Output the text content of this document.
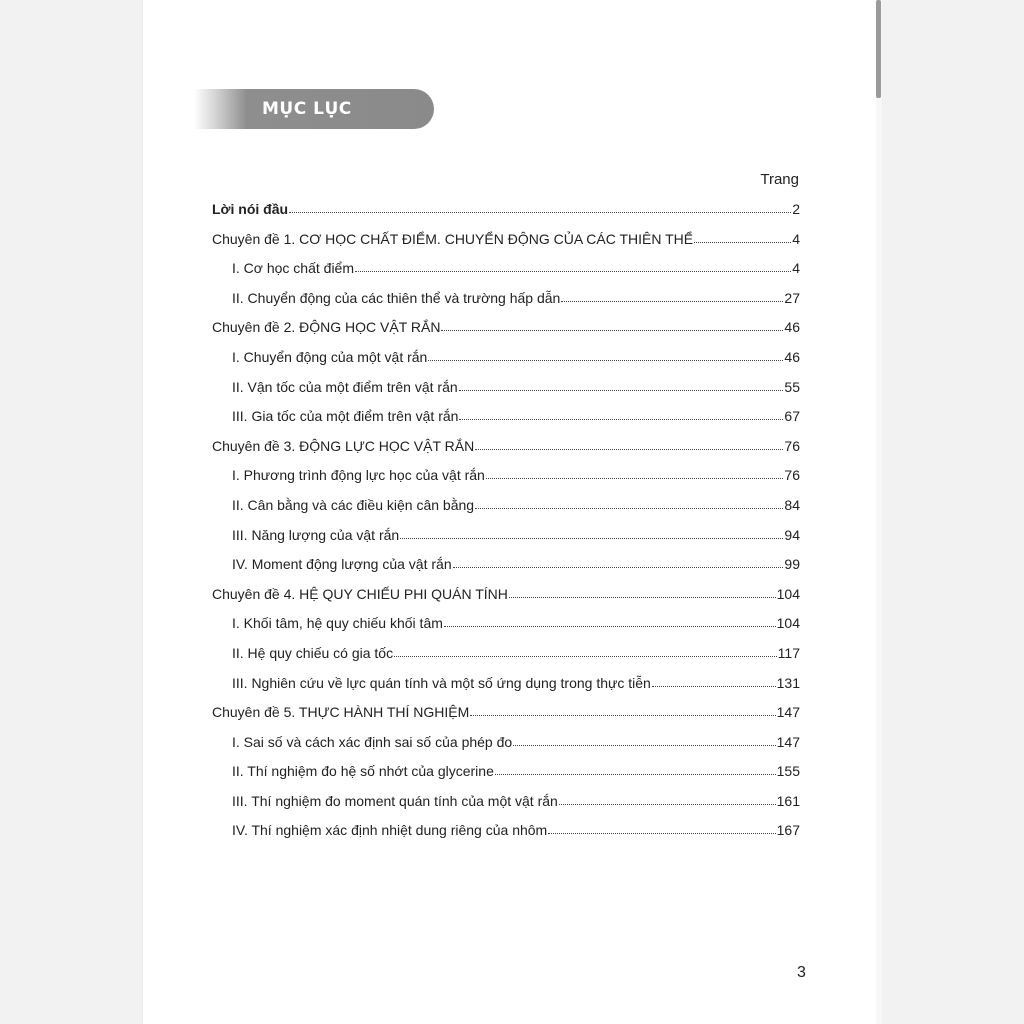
MỤC LỤC
Trang
Lời nói đầu	2
Chuyên đề 1. CƠ HỌC CHẤT ĐIỂM. CHUYỂN ĐỘNG CỦA CÁC THIÊN THỂ	4
I. Cơ học chất điểm	4
II. Chuyển động của các thiên thể và trường hấp dẫn	27
Chuyên đề 2. ĐỘNG HỌC VẬT RẮN	46
I. Chuyển động của một vật rắn	46
II. Vận tốc của một điểm trên vật rắn	55
III. Gia tốc của một điểm trên vật rắn	67
Chuyên đề 3. ĐỘNG LỰC HỌC VẬT RẮN	76
I. Phương trình động lực học của vật rắn	76
II. Cân bằng và các điều kiện cân bằng	84
III. Năng lượng của vật rắn	94
IV. Moment động lượng của vật rắn	99
Chuyên đề 4. HỆ QUY CHIẾU PHI QUÁN TÍNH	104
I. Khối tâm, hệ quy chiếu khối tâm	104
II. Hệ quy chiếu có gia tốc	117
III. Nghiên cứu về lực quán tính và một số ứng dụng trong thực tiễn	131
Chuyên đề 5. THỰC HÀNH THÍ NGHIỆM	147
I. Sai số và cách xác định sai số của phép đo	147
II. Thí nghiệm đo hệ số nhớt của glycerine	155
III. Thí nghiệm đo moment quán tính của một vật rắn	161
IV. Thí nghiệm xác định nhiệt dung riêng của nhôm	167
3
